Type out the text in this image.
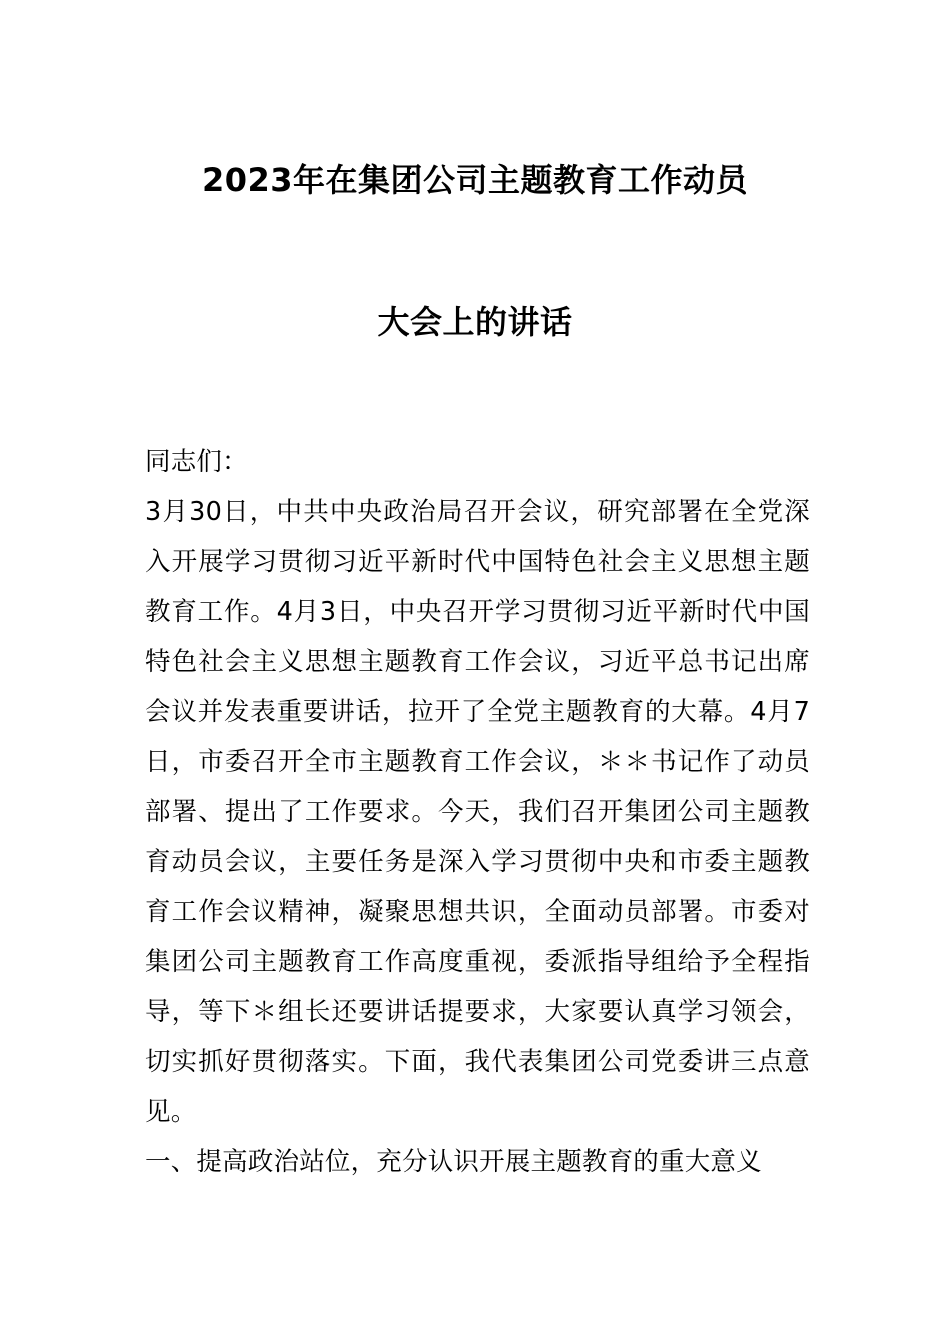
2023年在集团公司主题教育工作动员
大会上的讲话

同志们：

3月30日，中共中央政治局召开会议，研究部署在全党深入开展学习贯彻习近平新时代中国特色社会主义思想主题教育工作。4月3日，中央召开学习贯彻习近平新时代中国特色社会主义思想主题教育工作会议，习近平总书记出席会议并发表重要讲话，拉开了全党主题教育的大幕。4月7日，市委召开全市主题教育工作会议，＊＊书记作了动员部署、提出了工作要求。今天，我们召开集团公司主题教育动员会议，主要任务是深入学习贯彻中央和市委主题教育工作会议精神，凝聚思想共识，全面动员部署。市委对集团公司主题教育工作高度重视，委派指导组给予全程指导，等下＊组长还要讲话提要求，大家要认真学习领会，切实抓好贯彻落实。下面，我代表集团公司党委讲三点意见。

一、提高政治站位，充分认识开展主题教育的重大意义
